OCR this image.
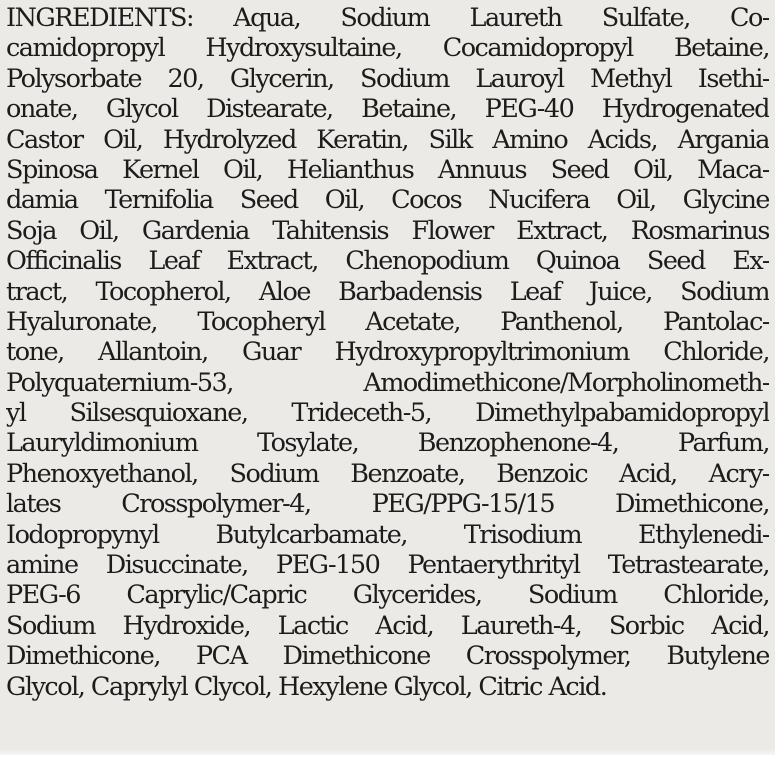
INGREDIENTS: Aqua, Sodium Laureth Sulfate, Co-
camidopropyl Hydroxysultaine, Cocamidopropyl Betaine,
Polysorbate 20, Glycerin, Sodium Lauroyl Methyl Isethi-
onate, Glycol Distearate, Betaine, PEG-40 Hydrogenated
Castor Oil, Hydrolyzed Keratin, Silk Amino Acids, Argania
Spinosa Kernel Oil, Helianthus Annuus Seed Oil, Maca-
damia Ternifolia Seed Oil, Cocos Nucifera Oil, Glycine
Soja Oil, Gardenia Tahitensis Flower Extract, Rosmarinus
Officinalis Leaf Extract, Chenopodium Quinoa Seed Ex-
tract, Tocopherol, Aloe Barbadensis Leaf Juice, Sodium
Hyaluronate, Tocopheryl Acetate, Panthenol, Pantolac-
tone, Allantoin, Guar Hydroxypropyltrimonium Chloride,
Polyquaternium-53, Amodimethicone/Morpholinometh-
yl Silsesquioxane, Trideceth-5, Dimethylpabamidopropyl
Lauryldimonium Tosylate, Benzophenone-4, Parfum,
Phenoxyethanol, Sodium Benzoate, Benzoic Acid, Acry-
lates Crosspolymer-4, PEG/PPG-15/15 Dimethicone,
Iodopropynyl Butylcarbamate, Trisodium Ethylenedi-
amine Disuccinate, PEG-150 Pentaerythrityl Tetrastearate,
PEG-6 Caprylic/Capric Glycerides, Sodium Chloride,
Sodium Hydroxide, Lactic Acid, Laureth-4, Sorbic Acid,
Dimethicone, PCA Dimethicone Crosspolymer, Butylene
Glycol, Caprylyl Clycol, Hexylene Glycol, Citric Acid.
